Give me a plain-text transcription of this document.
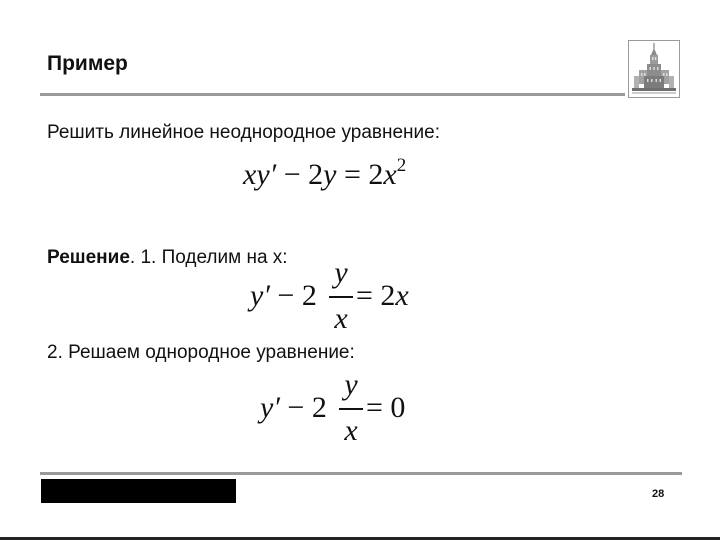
Пример
Решить линейное неоднородное уравнение:
$xy' - 2y = 2x^2$
Решение. 1. Поделим на x:
y′ − 2
y
x
= 2x
2. Решаем однородное уравнение:
y′ − 2
y
x
= 0
28
